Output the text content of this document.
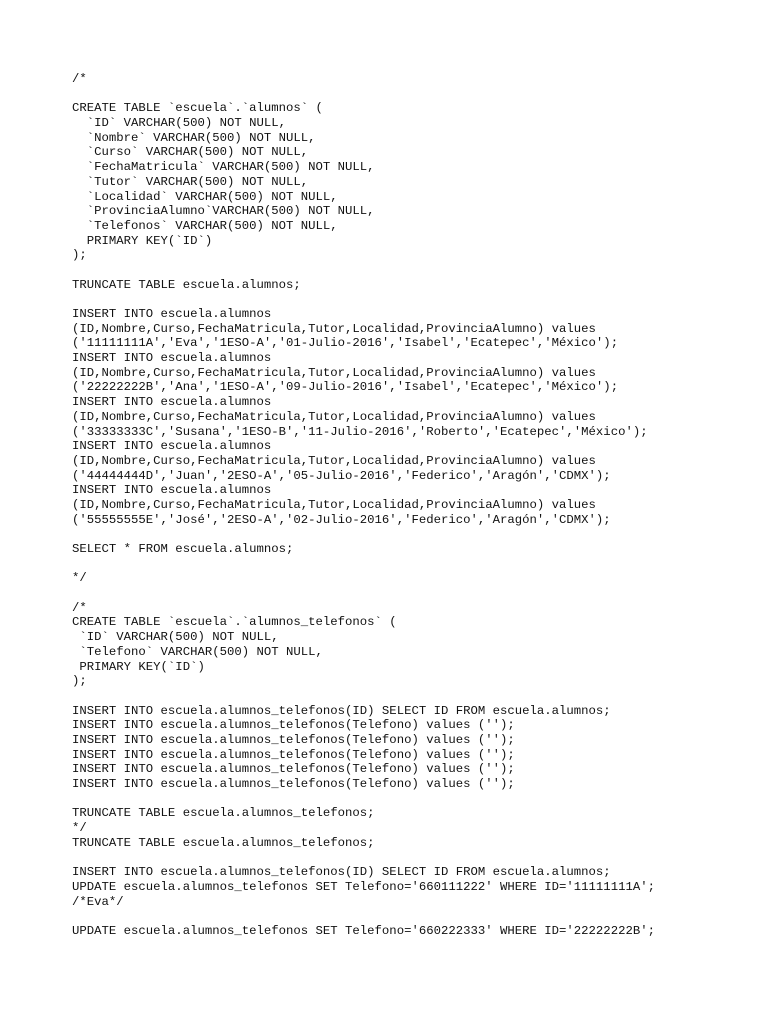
/*
CREATE TABLE `escuela`.`alumnos` (
`ID` VARCHAR(500) NOT NULL,
`Nombre` VARCHAR(500) NOT NULL,
`Curso` VARCHAR(500) NOT NULL,
`FechaMatricula` VARCHAR(500) NOT NULL,
`Tutor` VARCHAR(500) NOT NULL,
`Localidad` VARCHAR(500) NOT NULL,
`ProvinciaAlumno`VARCHAR(500) NOT NULL,
`Telefonos` VARCHAR(500) NOT NULL,
PRIMARY KEY(`ID`)
);
TRUNCATE TABLE escuela.alumnos;
INSERT INTO escuela.alumnos
(ID,Nombre,Curso,FechaMatricula,Tutor,Localidad,ProvinciaAlumno) values
('11111111A','Eva','1ESO-A','01-Julio-2016','Isabel','Ecatepec','México');
INSERT INTO escuela.alumnos
(ID,Nombre,Curso,FechaMatricula,Tutor,Localidad,ProvinciaAlumno) values
('22222222B','Ana','1ESO-A','09-Julio-2016','Isabel','Ecatepec','México');
INSERT INTO escuela.alumnos
(ID,Nombre,Curso,FechaMatricula,Tutor,Localidad,ProvinciaAlumno) values
('33333333C','Susana','1ESO-B','11-Julio-2016','Roberto','Ecatepec','México');
INSERT INTO escuela.alumnos
(ID,Nombre,Curso,FechaMatricula,Tutor,Localidad,ProvinciaAlumno) values
('44444444D','Juan','2ESO-A','05-Julio-2016','Federico','Aragón','CDMX');
INSERT INTO escuela.alumnos
(ID,Nombre,Curso,FechaMatricula,Tutor,Localidad,ProvinciaAlumno) values
('55555555E','José','2ESO-A','02-Julio-2016','Federico','Aragón','CDMX');
SELECT * FROM escuela.alumnos;
*/
/*
CREATE TABLE `escuela`.`alumnos_telefonos` (
`ID` VARCHAR(500) NOT NULL,
`Telefono` VARCHAR(500) NOT NULL,
PRIMARY KEY(`ID`)
);
INSERT INTO escuela.alumnos_telefonos(ID) SELECT ID FROM escuela.alumnos;
INSERT INTO escuela.alumnos_telefonos(Telefono) values ('');
INSERT INTO escuela.alumnos_telefonos(Telefono) values ('');
INSERT INTO escuela.alumnos_telefonos(Telefono) values ('');
INSERT INTO escuela.alumnos_telefonos(Telefono) values ('');
INSERT INTO escuela.alumnos_telefonos(Telefono) values ('');
TRUNCATE TABLE escuela.alumnos_telefonos;
*/
TRUNCATE TABLE escuela.alumnos_telefonos;
INSERT INTO escuela.alumnos_telefonos(ID) SELECT ID FROM escuela.alumnos;
UPDATE escuela.alumnos_telefonos SET Telefono='660111222' WHERE ID='11111111A';
/*Eva*/
UPDATE escuela.alumnos_telefonos SET Telefono='660222333' WHERE ID='22222222B';
